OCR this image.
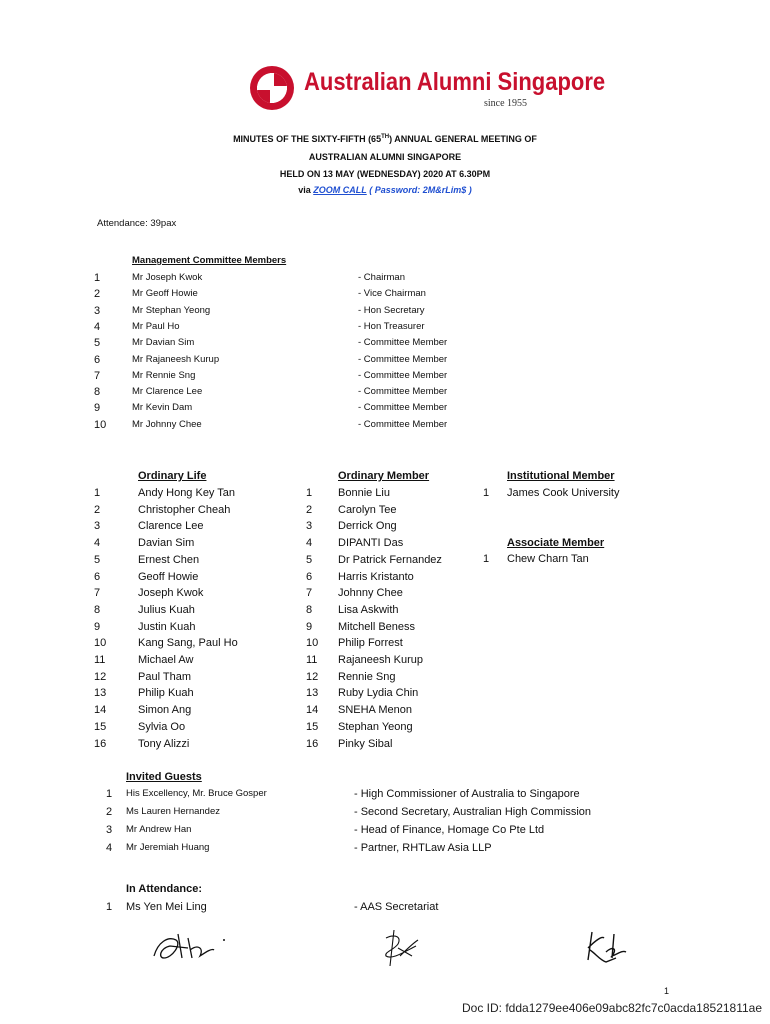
Australian Alumni Singapore
since 1955
MINUTES OF THE SIXTY-FIFTH (65TH) ANNUAL GENERAL MEETING OF
AUSTRALIAN ALUMNI SINGAPORE
HELD ON 13 MAY (WEDNESDAY) 2020 AT 6.30PM
via ZOOM CALL ( Password: 2M&rLim$ )
Attendance: 39pax
Management Committee Members
1	Mr Joseph Kwok	- Chairman
2	Mr Geoff Howie	- Vice Chairman
3	Mr Stephan Yeong	- Hon Secretary
4	Mr Paul Ho	- Hon Treasurer
5	Mr Davian Sim	- Committee Member
6	Mr Rajaneesh Kurup	- Committee Member
7	Mr Rennie Sng	- Committee Member
8	Mr Clarence Lee	- Committee Member
9	Mr Kevin Dam	- Committee Member
10	Mr Johnny Chee	- Committee Member
Ordinary Life
1	Andy Hong Key Tan
2	Christopher Cheah
3	Clarence Lee
4	Davian Sim
5	Ernest Chen
6	Geoff Howie
7	Joseph Kwok
8	Julius Kuah
9	Justin Kuah
10	Kang Sang, Paul Ho
11	Michael Aw
12	Paul Tham
13	Philip Kuah
14	Simon Ang
15	Sylvia Oo
16	Tony Alizzi
Ordinary Member
1 Bonnie Liu
2 Carolyn Tee
3 Derrick Ong
4 DIPANTI Das
5 Dr Patrick Fernandez
6 Harris Kristanto
7 Johnny Chee
8 Lisa Askwith
9 Mitchell Beness
10 Philip Forrest
11 Rajaneesh Kurup
12 Rennie Sng
13 Ruby Lydia Chin
14 SNEHA Menon
15 Stephan Yeong
16 Pinky Sibal
Institutional Member
1 James Cook University
Associate Member
1 Chew Charn Tan
Invited Guests
1 His Excellency, Mr. Bruce Gosper	- High Commissioner of Australia to Singapore
2 Ms Lauren Hernandez	- Second Secretary, Australian High Commission
3 Mr Andrew Han	- Head of Finance, Homage Co Pte Ltd
4 Mr Jeremiah Huang	- Partner, RHTLaw Asia LLP
In Attendance:
1 Ms Yen Mei Ling	- AAS Secretariat
1
Doc ID: fdda1279ee406e09abc82fc7c0acda18521811ae
